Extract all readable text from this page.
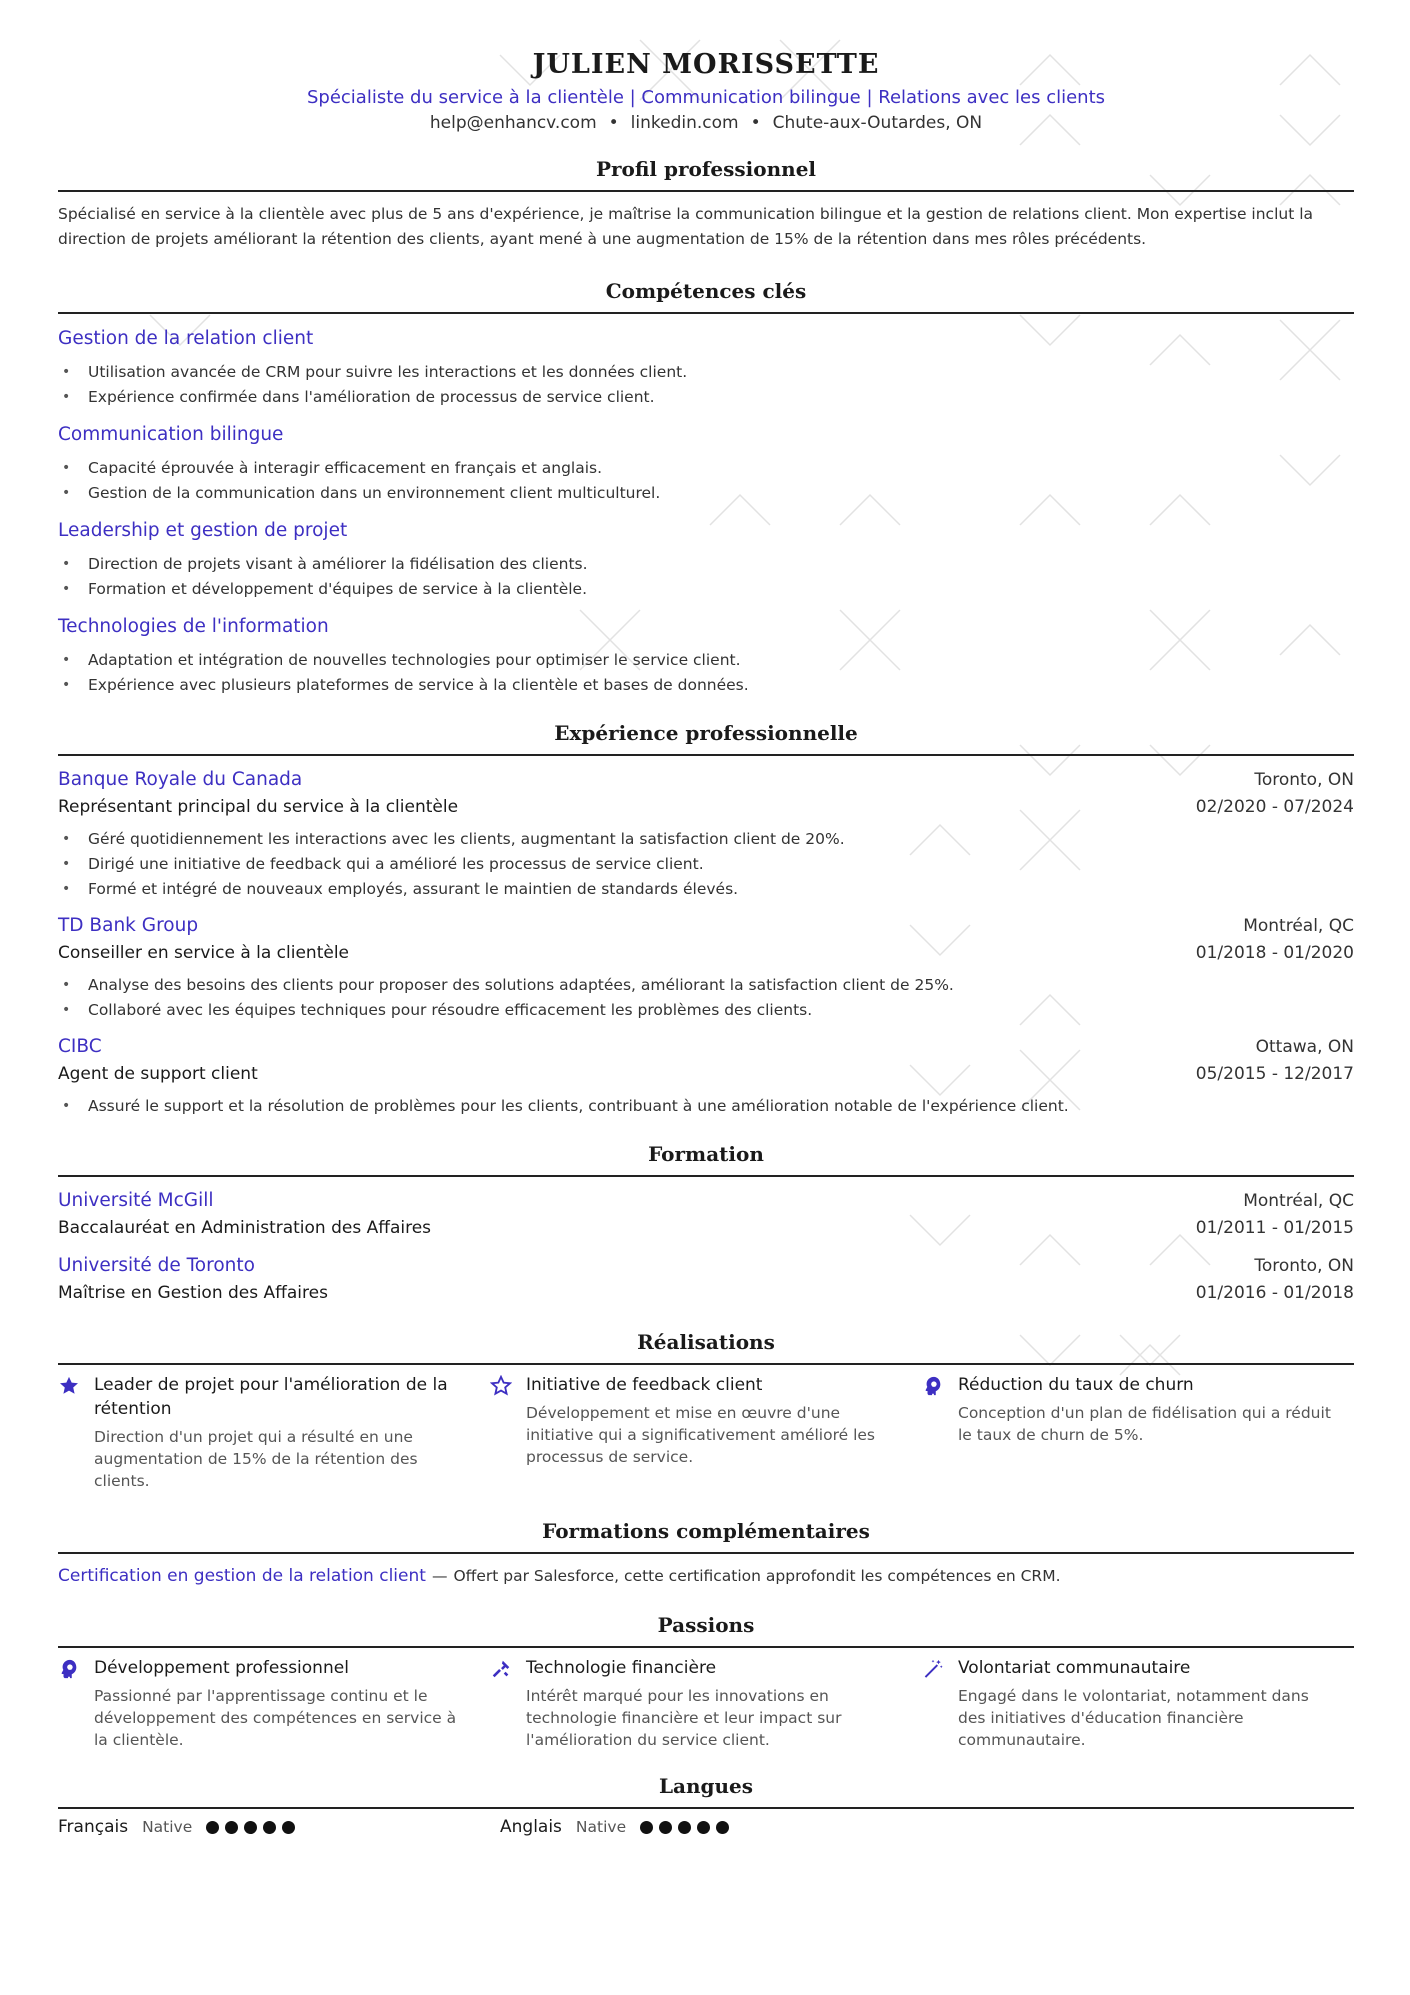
JULIEN MORISSETTE
Spécialiste du service à la clientèle | Communication bilingue | Relations avec les clients
help@enhancv.com • linkedin.com • Chute-aux-Outardes, ON
Profil professionnel
Spécialisé en service à la clientèle avec plus de 5 ans d'expérience, je maîtrise la communication bilingue et la gestion de relations client. Mon expertise inclut la direction de projets améliorant la rétention des clients, ayant mené à une augmentation de 15% de la rétention dans mes rôles précédents.
Compétences clés
Gestion de la relation client
• Utilisation avancée de CRM pour suivre les interactions et les données client.
• Expérience confirmée dans l'amélioration de processus de service client.
Communication bilingue
• Capacité éprouvée à interagir efficacement en français et anglais.
• Gestion de la communication dans un environnement client multiculturel.
Leadership et gestion de projet
• Direction de projets visant à améliorer la fidélisation des clients.
• Formation et développement d'équipes de service à la clientèle.
Technologies de l'information
• Adaptation et intégration de nouvelles technologies pour optimiser le service client.
• Expérience avec plusieurs plateformes de service à la clientèle et bases de données.
Expérience professionnelle
Banque Royale du Canada	Toronto, ON
Représentant principal du service à la clientèle	02/2020 - 07/2024
• Géré quotidiennement les interactions avec les clients, augmentant la satisfaction client de 20%.
• Dirigé une initiative de feedback qui a amélioré les processus de service client.
• Formé et intégré de nouveaux employés, assurant le maintien de standards élevés.
TD Bank Group	Montréal, QC
Conseiller en service à la clientèle	01/2018 - 01/2020
• Analyse des besoins des clients pour proposer des solutions adaptées, améliorant la satisfaction client de 25%.
• Collaboré avec les équipes techniques pour résoudre efficacement les problèmes des clients.
CIBC	Ottawa, ON
Agent de support client	05/2015 - 12/2017
• Assuré le support et la résolution de problèmes pour les clients, contribuant à une amélioration notable de l'expérience client.
Formation
Université McGill	Montréal, QC
Baccalauréat en Administration des Affaires	01/2011 - 01/2015
Université de Toronto	Toronto, ON
Maîtrise en Gestion des Affaires	01/2016 - 01/2018
Réalisations
Leader de projet pour l'amélioration de la rétention
Direction d'un projet qui a résulté en une augmentation de 15% de la rétention des clients.
Initiative de feedback client
Développement et mise en œuvre d'une initiative qui a significativement amélioré les processus de service.
Réduction du taux de churn
Conception d'un plan de fidélisation qui a réduit le taux de churn de 5%.
Formations complémentaires
Certification en gestion de la relation client — Offert par Salesforce, cette certification approfondit les compétences en CRM.
Passions
Développement professionnel
Passionné par l'apprentissage continu et le développement des compétences en service à la clientèle.
Technologie financière
Intérêt marqué pour les innovations en technologie financière et leur impact sur l'amélioration du service client.
Volontariat communautaire
Engagé dans le volontariat, notamment dans des initiatives d'éducation financière communautaire.
Langues
Français Native	Anglais Native
